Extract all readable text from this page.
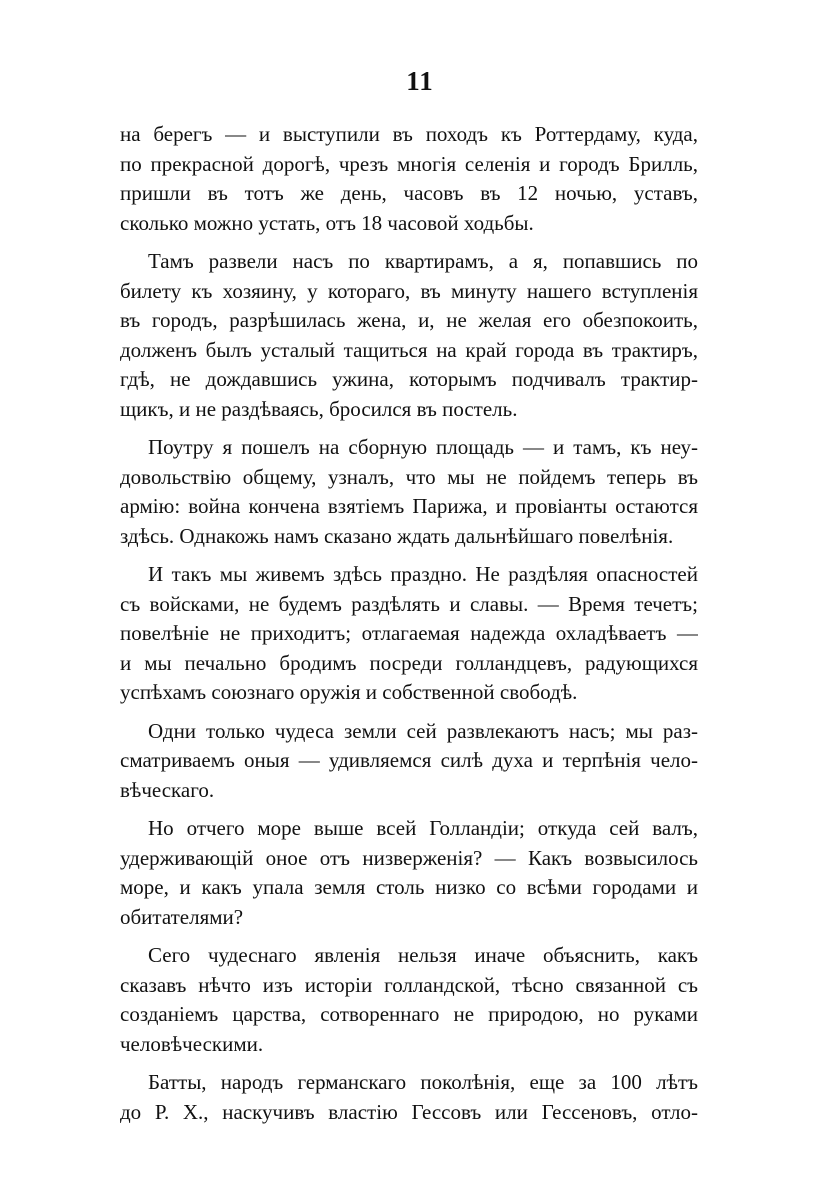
11
на берегъ — и выступили въ походъ къ Роттердаму, куда,
по прекрасной дорогѣ, чрезъ многія селенія и городъ Брилль,
пришли въ тотъ же день, часовъ въ 12 ночью, уставъ,
сколько можно устать, отъ 18 часовой ходьбы.
Тамъ развели насъ по квартирамъ, а я, попавшись по
билету къ хозяину, у котораго, въ минуту нашего вступленія
въ городъ, разрѣшилась жена, и, не желая его обезпокоить,
долженъ былъ усталый тащиться на край города въ трактиръ,
гдѣ, не дождавшись ужина, которымъ подчивалъ трактир-
щикъ, и не раздѣваясь, бросился въ постель.
Поутру я пошелъ на сборную площадь — и тамъ, къ неу-
довольствію общему, узналъ, что мы не пойдемъ теперь въ
армію: война кончена взятіемъ Парижа, и провіанты остаются
здѣсь. Однакожь намъ сказано ждать дальнѣйшаго повелѣнія.
И такъ мы живемъ здѣсь праздно. Не раздѣляя опасностей
съ войсками, не будемъ раздѣлять и славы. — Время течетъ;
повелѣніе не приходитъ; отлагаемая надежда охладѣваетъ —
и мы печально бродимъ посреди голландцевъ, радующихся
успѣхамъ союзнаго оружія и собственной свободѣ.
Одни только чудеса земли сей развлекаютъ насъ; мы раз-
сматриваемъ оныя — удивляемся силѣ духа и терпѣнія чело-
вѣческаго.
Но отчего море выше всей Голландіи; откуда сей валъ,
удерживающій оное отъ низверженія? — Какъ возвысилось
море, и какъ упала земля столь низко со всѣми городами и
обитателями?
Сего чудеснаго явленія нельзя иначе объяснить, какъ
сказавъ нѣчто изъ исторіи голландской, тѣсно связанной съ
созданіемъ царства, сотвореннаго не природою, но руками
человѣческими.
Батты, народъ германскаго поколѣнія, еще за 100 лѣтъ
до Р. Х., наскучивъ властію Гессовъ или Гессеновъ, отло-
